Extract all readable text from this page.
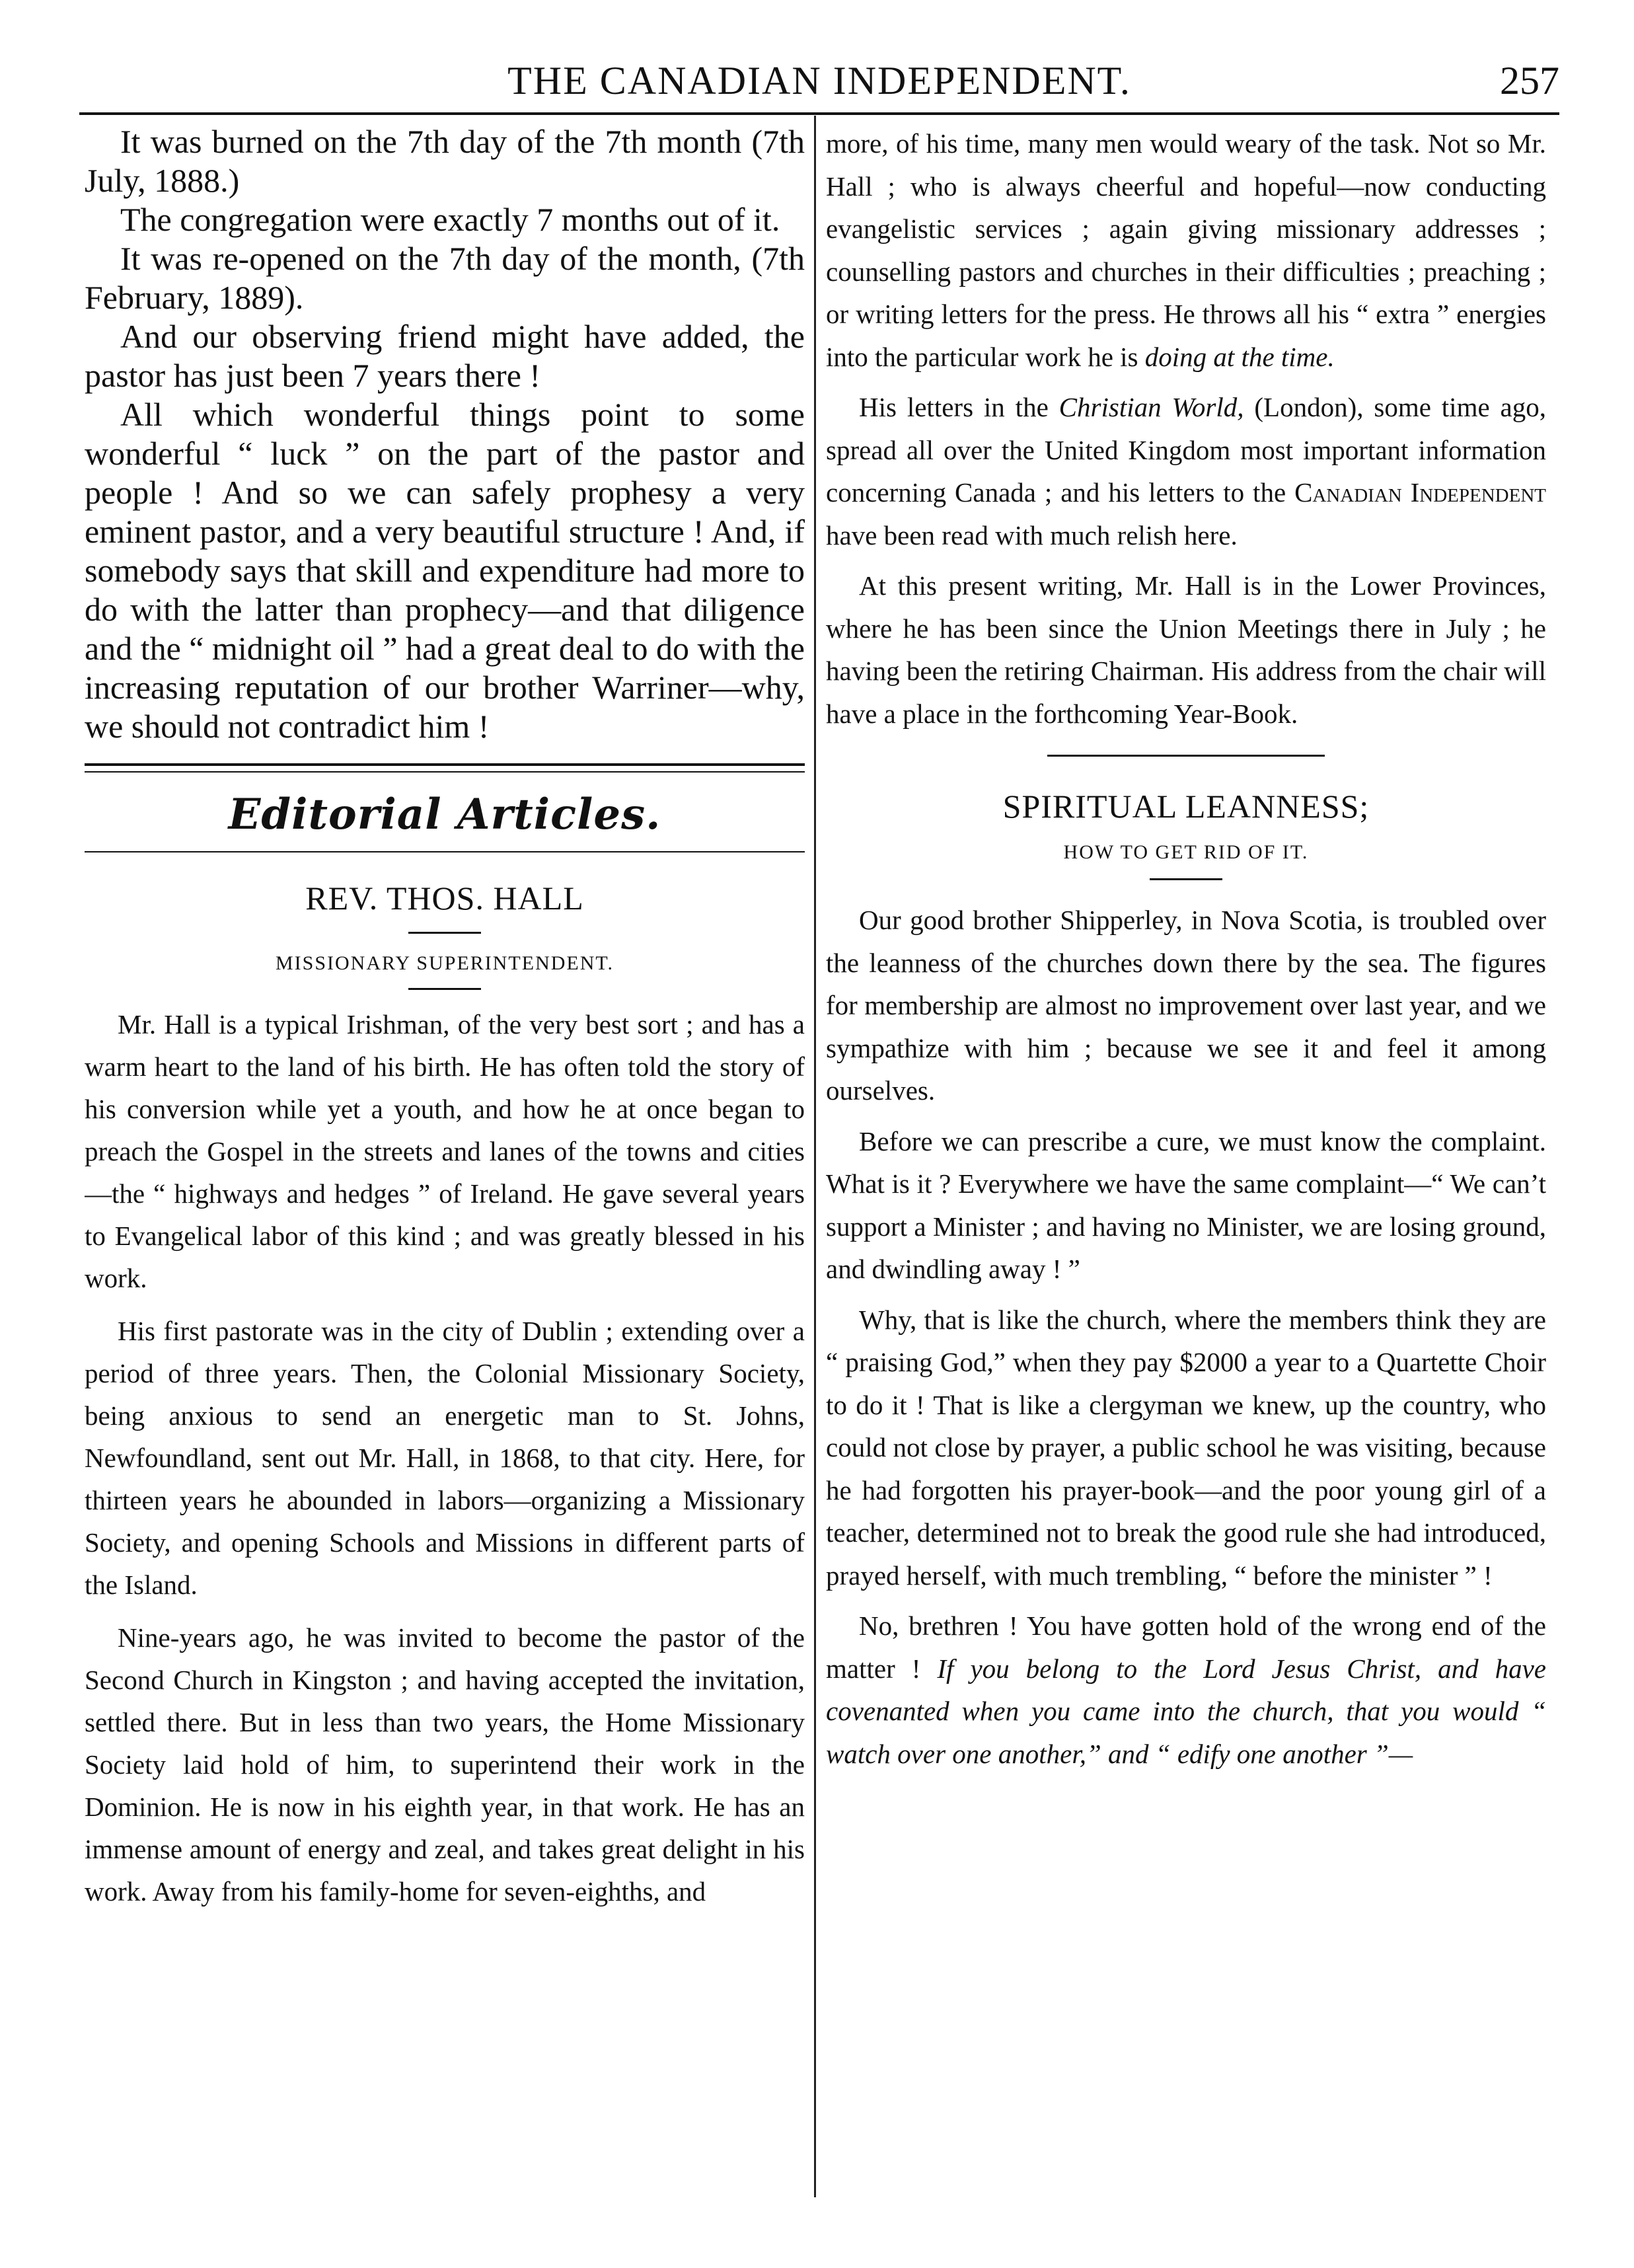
THE CANADIAN INDEPENDENT.	257

It was burned on the 7th day of the 7th month (7th July, 1888.)

The congregation were exactly 7 months out of it.

It was re-opened on the 7th day of the month, (7th February, 1889).

And our observing friend might have added, the pastor has just been 7 years there !

All which wonderful things point to some wonderful “ luck ” on the part of the pastor and people ! And so we can safely prophesy a very eminent pastor, and a very beautiful structure ! And, if somebody says that skill and expenditure had more to do with the latter than prophecy—and that diligence and the “ midnight oil ” had a great deal to do with the increasing reputation of our brother Warriner—why, we should not contradict him !

Editorial Articles.
REV. THOS. HALL
MISSIONARY SUPERINTENDENT.

Mr. Hall is a typical Irishman, of the very best sort ; and has a warm heart to the land of his birth. He has often told the story of his conversion while yet a youth, and how he at once began to preach the Gospel in the streets and lanes of the towns and cities—the “ highways and hedges ” of Ireland. He gave several years to Evangelical labor of this kind ; and was greatly blessed in his work.

His first pastorate was in the city of Dublin ; extending over a period of three years. Then, the Colonial Missionary Society, being anxious to send an energetic man to St. Johns, Newfoundland, sent out Mr. Hall, in 1868, to that city. Here, for thirteen years he abounded in labors—organizing a Missionary Society, and opening Schools and Missions in different parts of the Island.

Nine-years ago, he was invited to become the pastor of the Second Church in Kingston ; and having accepted the invitation, settled there. But in less than two years, the Home Missionary Society laid hold of him, to superintend their work in the Dominion. He is now in his eighth year, in that work. He has an immense amount of energy and zeal, and takes great delight in his work. Away from his family-home for seven-eighths, and

more, of his time, many men would weary of the task. Not so Mr. Hall ; who is always cheerful and hopeful—now conducting evangelistic services ; again giving missionary addresses ; counselling pastors and churches in their difficulties ; preaching ; or writing letters for the press. He throws all his “ extra ” energies into the particular work he is doing at the time.

His letters in the Christian World, (London), some time ago, spread all over the United Kingdom most important information concerning Canada ; and his letters to the Canadian Independent have been read with much relish here.

At this present writing, Mr. Hall is in the Lower Provinces, where he has been since the Union Meetings there in July ; he having been the retiring Chairman. His address from the chair will have a place in the forthcoming Year-Book.

SPIRITUAL LEANNESS;
HOW TO GET RID OF IT.

Our good brother Shipperley, in Nova Scotia, is troubled over the leanness of the churches down there by the sea. The figures for membership are almost no improvement over last year, and we sympathize with him ; because we see it and feel it among ourselves.

Before we can prescribe a cure, we must know the complaint. What is it ? Everywhere we have the same complaint—“ We can’t support a Minister ; and having no Minister, we are losing ground, and dwindling away ! ”

Why, that is like the church, where the members think they are “ praising God,” when they pay $2000 a year to a Quartette Choir to do it ! That is like a clergyman we knew, up the country, who could not close by prayer, a public school he was visiting, because he had forgotten his prayer-book—and the poor young girl of a teacher, determined not to break the good rule she had introduced, prayed herself, with much trembling, “ before the minister ” !

No, brethren ! You have gotten hold of the wrong end of the matter ! If you belong to the Lord Jesus Christ, and have covenanted when you came into the church, that you would “ watch over one another,” and “ edify one another ”—
